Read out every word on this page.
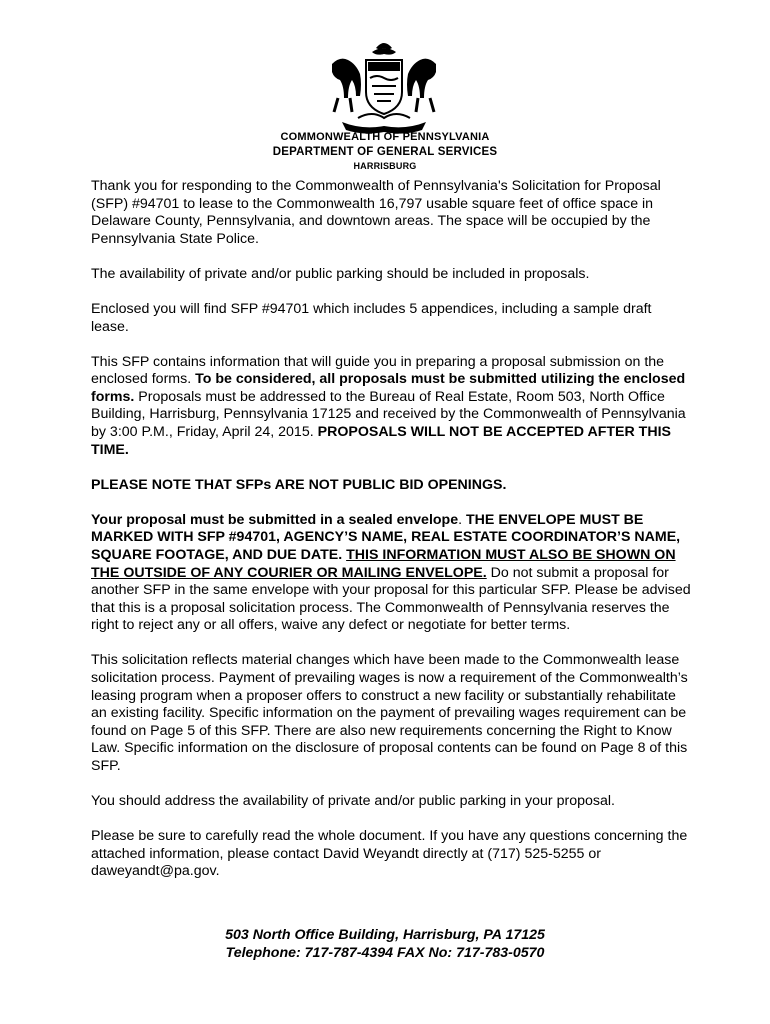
COMMONWEALTH OF PENNSYLVANIA
DEPARTMENT OF GENERAL SERVICES
HARRISBURG

Thank you for responding to the Commonwealth of Pennsylvania's Solicitation for Proposal (SFP) #94701 to lease to the Commonwealth 16,797 usable square feet of office space in Delaware County, Pennsylvania, and downtown areas. The space will be occupied by the Pennsylvania State Police.

The availability of private and/or public parking should be included in proposals.

Enclosed you will find SFP #94701 which includes 5 appendices, including a sample draft lease.

This SFP contains information that will guide you in preparing a proposal submission on the enclosed forms. To be considered, all proposals must be submitted utilizing the enclosed forms. Proposals must be addressed to the Bureau of Real Estate, Room 503, North Office Building, Harrisburg, Pennsylvania 17125 and received by the Commonwealth of Pennsylvania by 3:00 P.M., Friday, April 24, 2015. PROPOSALS WILL NOT BE ACCEPTED AFTER THIS TIME.

PLEASE NOTE THAT SFPs ARE NOT PUBLIC BID OPENINGS.

Your proposal must be submitted in a sealed envelope. THE ENVELOPE MUST BE MARKED WITH SFP #94701, AGENCY’S NAME, REAL ESTATE COORDINATOR’S NAME, SQUARE FOOTAGE, AND DUE DATE. THIS INFORMATION MUST ALSO BE SHOWN ON THE OUTSIDE OF ANY COURIER OR MAILING ENVELOPE. Do not submit a proposal for another SFP in the same envelope with your proposal for this particular SFP. Please be advised that this is a proposal solicitation process. The Commonwealth of Pennsylvania reserves the right to reject any or all offers, waive any defect or negotiate for better terms.

This solicitation reflects material changes which have been made to the Commonwealth lease solicitation process. Payment of prevailing wages is now a requirement of the Commonwealth’s leasing program when a proposer offers to construct a new facility or substantially rehabilitate an existing facility. Specific information on the payment of prevailing wages requirement can be found on Page 5 of this SFP. There are also new requirements concerning the Right to Know Law. Specific information on the disclosure of proposal contents can be found on Page 8 of this SFP.

You should address the availability of private and/or public parking in your proposal.

Please be sure to carefully read the whole document. If you have any questions concerning the attached information, please contact David Weyandt directly at (717) 525-5255 or daweyandt@pa.gov.

503 North Office Building, Harrisburg, PA 17125
Telephone: 717-787-4394 FAX No: 717-783-0570
